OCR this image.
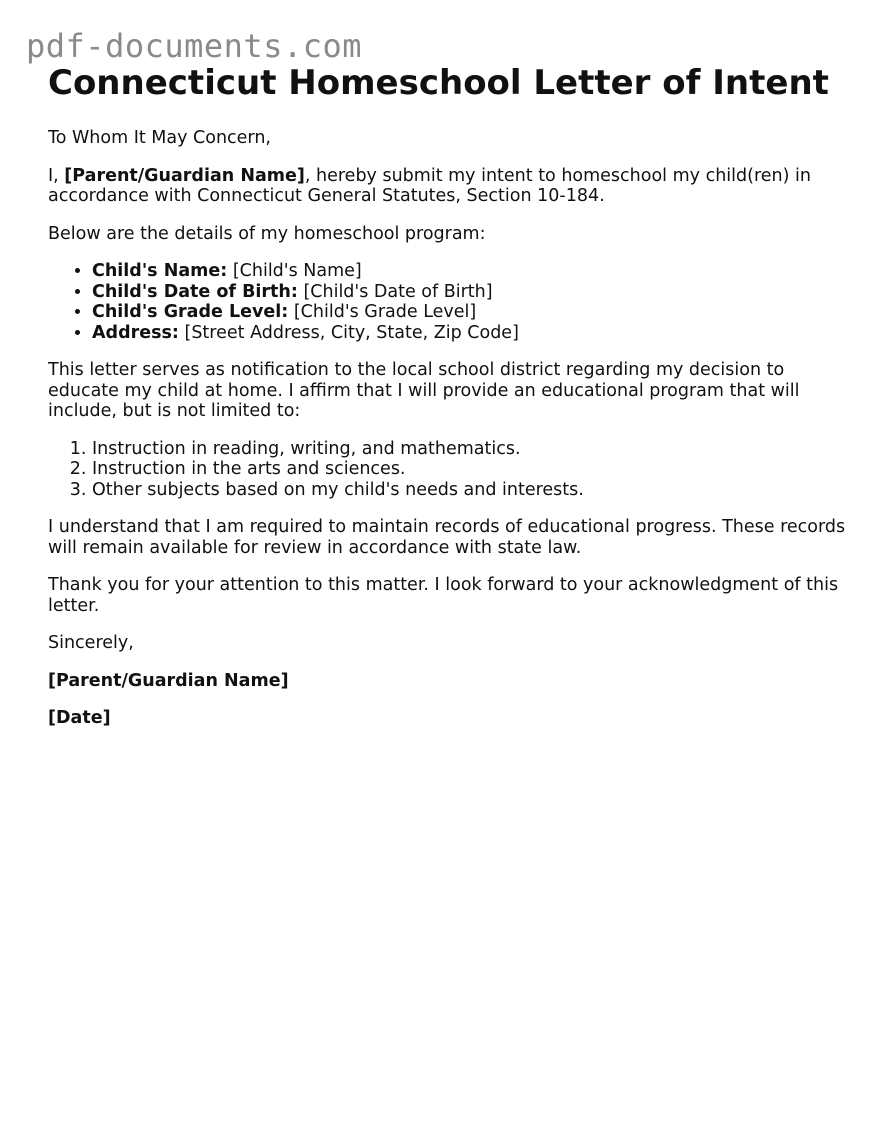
pdf-documents.com
Connecticut Homeschool Letter of Intent

To Whom It May Concern,

I, [Parent/Guardian Name], hereby submit my intent to homeschool my child(ren) in accordance with Connecticut General Statutes, Section 10-184.

Below are the details of my homeschool program:

• Child's Name: [Child's Name]
• Child's Date of Birth: [Child's Date of Birth]
• Child's Grade Level: [Child's Grade Level]
• Address: [Street Address, City, State, Zip Code]

This letter serves as notification to the local school district regarding my decision to educate my child at home. I affirm that I will provide an educational program that will include, but is not limited to:

1. Instruction in reading, writing, and mathematics.
2. Instruction in the arts and sciences.
3. Other subjects based on my child's needs and interests.

I understand that I am required to maintain records of educational progress. These records will remain available for review in accordance with state law.

Thank you for your attention to this matter. I look forward to your acknowledgment of this letter.

Sincerely,

[Parent/Guardian Name]

[Date]
